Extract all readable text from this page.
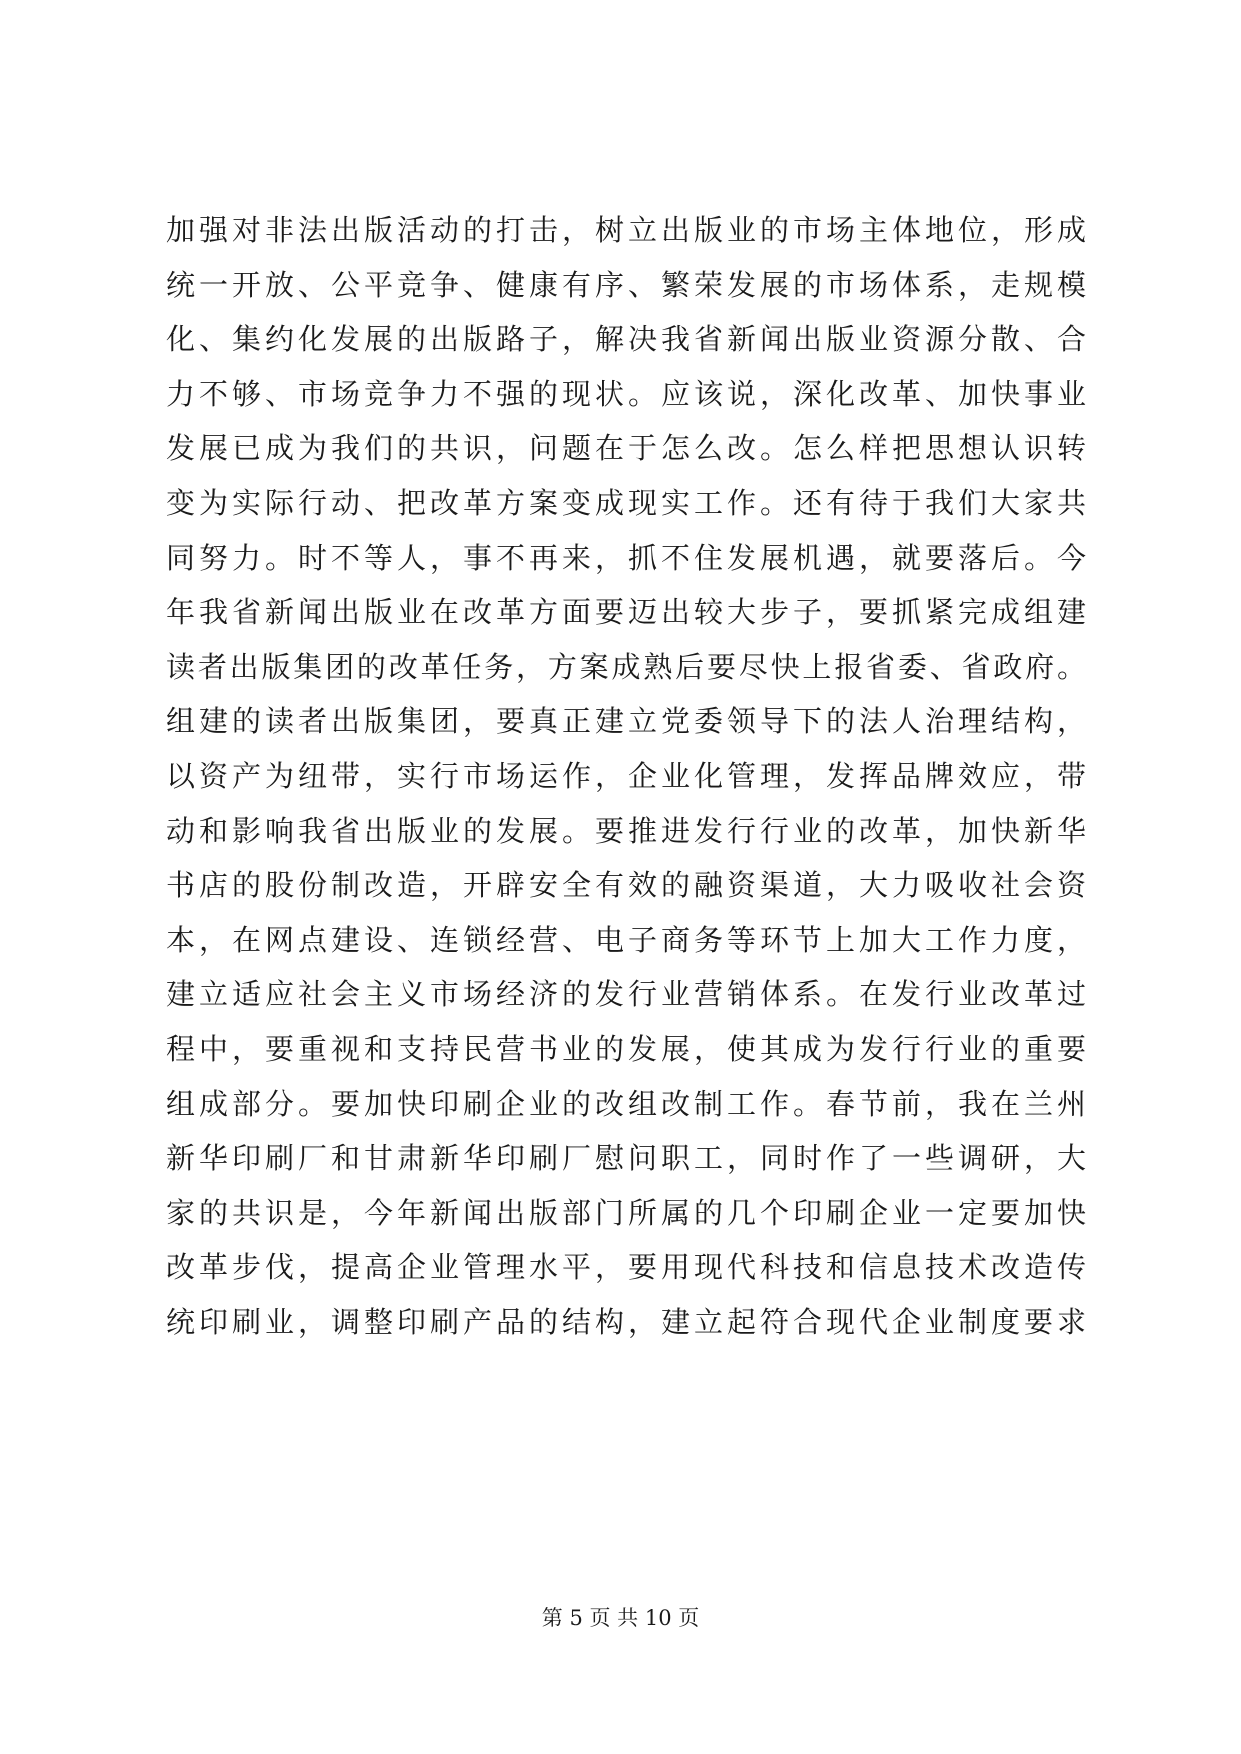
加强对非法出版活动的打击，树立出版业的市场主体地位，形成
统一开放、公平竞争、健康有序、繁荣发展的市场体系，走规模
化、集约化发展的出版路子，解决我省新闻出版业资源分散、合
力不够、市场竞争力不强的现状。应该说，深化改革、加快事业
发展已成为我们的共识，问题在于怎么改。怎么样把思想认识转
变为实际行动、把改革方案变成现实工作。还有待于我们大家共
同努力。时不等人，事不再来，抓不住发展机遇，就要落后。今
年我省新闻出版业在改革方面要迈出较大步子，要抓紧完成组建
读者出版集团的改革任务，方案成熟后要尽快上报省委、省政府。
组建的读者出版集团，要真正建立党委领导下的法人治理结构，
以资产为纽带，实行市场运作，企业化管理，发挥品牌效应，带
动和影响我省出版业的发展。要推进发行行业的改革，加快新华
书店的股份制改造，开辟安全有效的融资渠道，大力吸收社会资
本，在网点建设、连锁经营、电子商务等环节上加大工作力度，
建立适应社会主义市场经济的发行业营销体系。在发行业改革过
程中，要重视和支持民营书业的发展，使其成为发行行业的重要
组成部分。要加快印刷企业的改组改制工作。春节前，我在兰州
新华印刷厂和甘肃新华印刷厂慰问职工，同时作了一些调研，大
家的共识是，今年新闻出版部门所属的几个印刷企业一定要加快
改革步伐，提高企业管理水平，要用现代科技和信息技术改造传
统印刷业，调整印刷产品的结构，建立起符合现代企业制度要求
第 5 页 共 10 页
